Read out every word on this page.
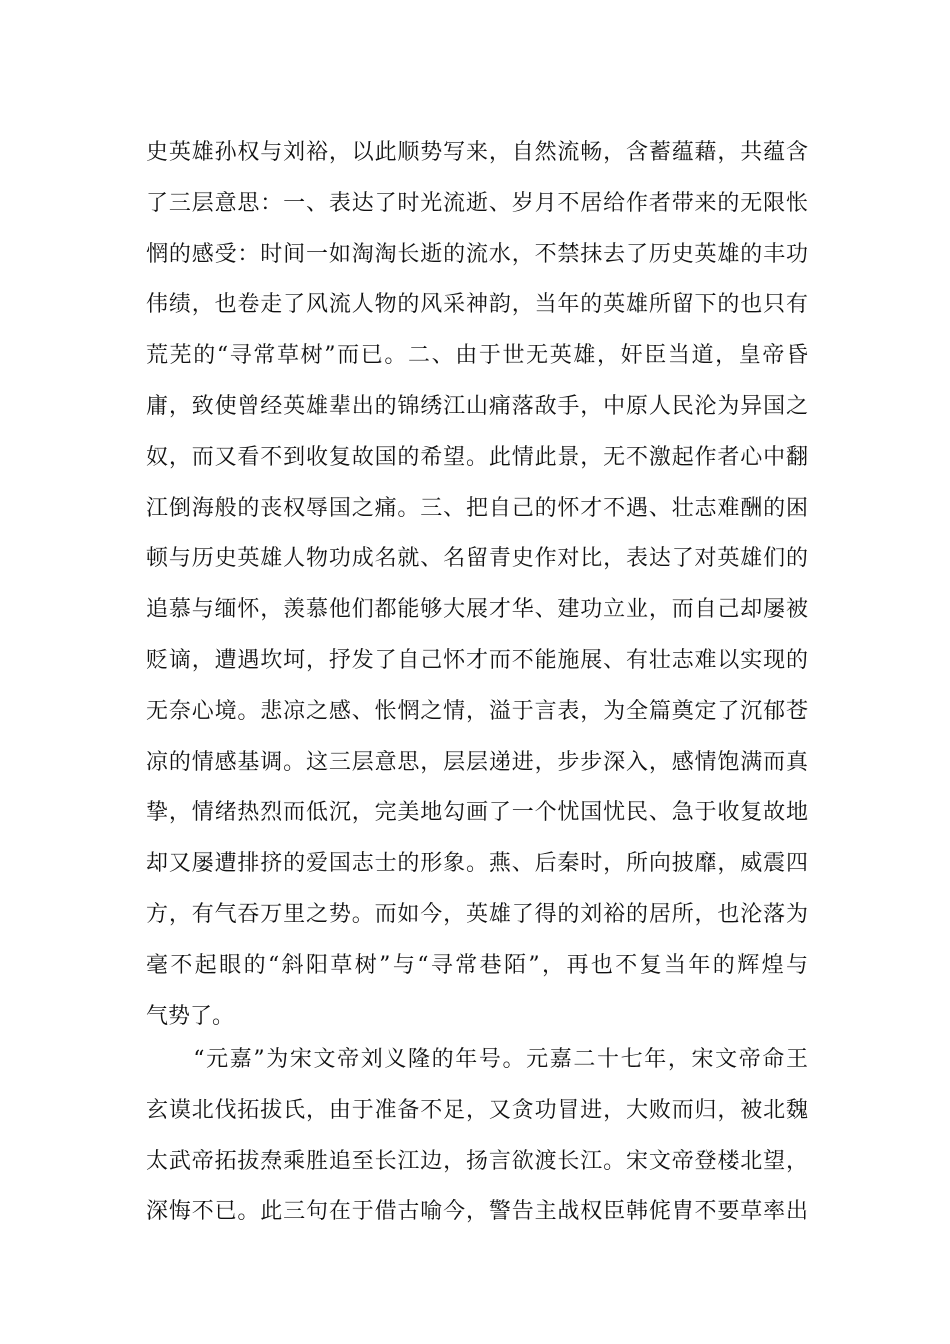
史英雄孙权与刘裕，以此顺势写来，自然流畅，含蓄蕴藉，共蕴含
了三层意思：一、表达了时光流逝、岁月不居给作者带来的无限怅
惘的感受：时间一如淘淘长逝的流水，不禁抹去了历史英雄的丰功
伟绩，也卷走了风流人物的风采神韵，当年的英雄所留下的也只有
荒芜的“寻常草树”而已。二、由于世无英雄，奸臣当道，皇帝昏
庸，致使曾经英雄辈出的锦绣江山痛落敌手，中原人民沦为异国之
奴，而又看不到收复故国的希望。此情此景，无不激起作者心中翻
江倒海般的丧权辱国之痛。三、把自己的怀才不遇、壮志难酬的困
顿与历史英雄人物功成名就、名留青史作对比，表达了对英雄们的
追慕与缅怀，羡慕他们都能够大展才华、建功立业，而自己却屡被
贬谪，遭遇坎坷，抒发了自己怀才而不能施展、有壮志难以实现的
无奈心境。悲凉之感、怅惘之情，溢于言表，为全篇奠定了沉郁苍
凉的情感基调。这三层意思，层层递进，步步深入，感情饱满而真
挚，情绪热烈而低沉，完美地勾画了一个忧国忧民、急于收复故地
却又屡遭排挤的爱国志士的形象。燕、后秦时，所向披靡，威震四
方，有气吞万里之势。而如今，英雄了得的刘裕的居所，也沦落为
毫不起眼的“斜阳草树”与“寻常巷陌”，再也不复当年的辉煌与
气势了。
　　“元嘉”为宋文帝刘义隆的年号。元嘉二十七年，宋文帝命王
玄谟北伐拓拔氏，由于准备不足，又贪功冒进，大败而归，被北魏
太武帝拓拔焘乘胜追至长江边，扬言欲渡长江。宋文帝登楼北望，
深悔不已。此三句在于借古喻今，警告主战权臣韩侂胄不要草率出
